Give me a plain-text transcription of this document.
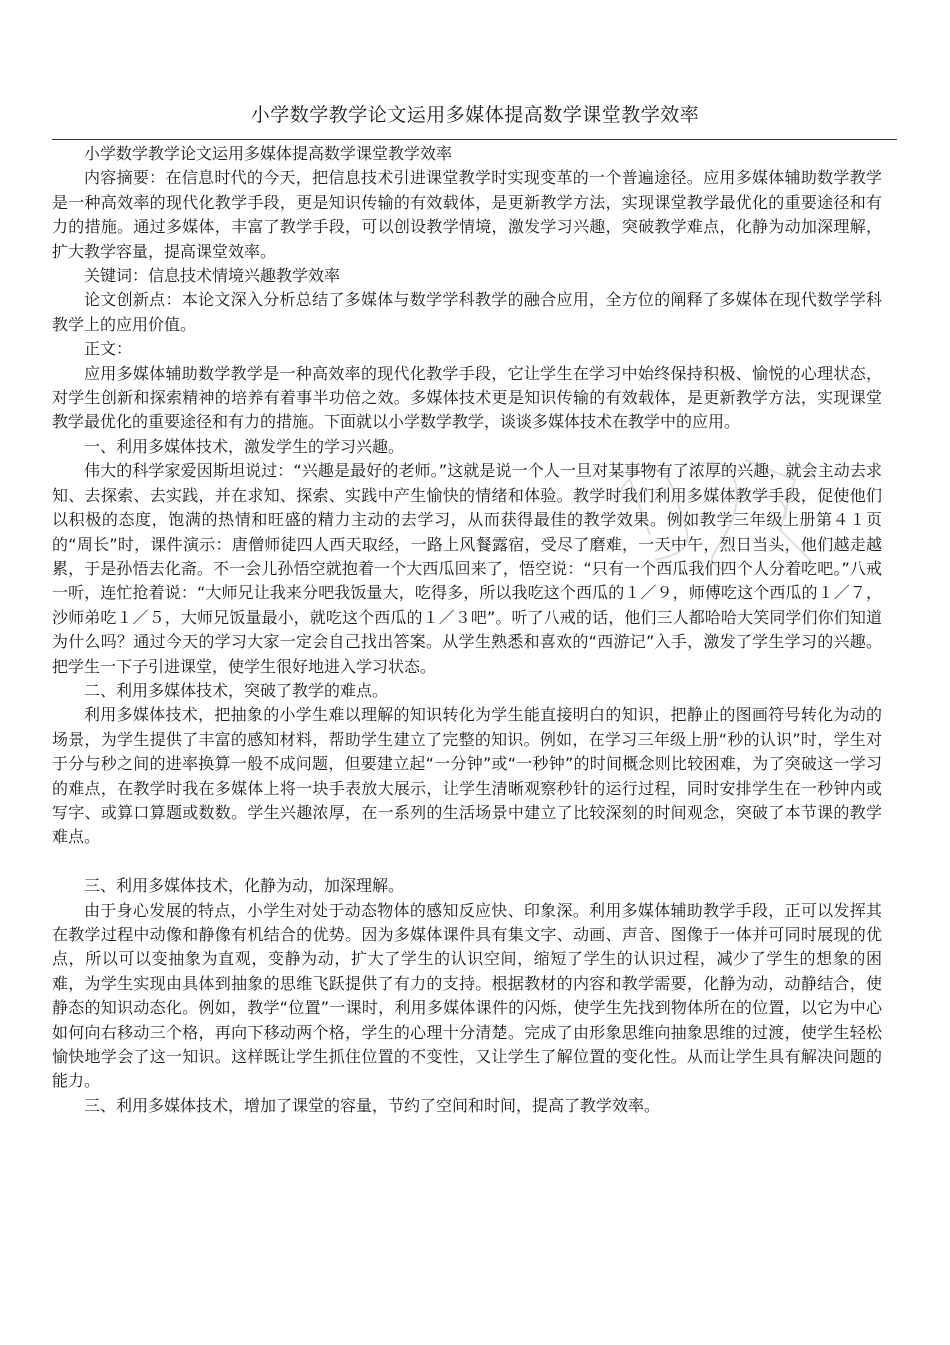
小学数学教学论文运用多媒体提高数学课堂教学效率

小学数学教学论文运用多媒体提高数学课堂教学效率

内容摘要：在信息时代的今天，把信息技术引进课堂教学时实现变革的一个普遍途径。应用多媒体辅助数学教学是一种高效率的现代化教学手段，更是知识传输的有效载体，是更新教学方法，实现课堂教学最优化的重要途径和有力的措施。通过多媒体，丰富了教学手段，可以创设教学情境，激发学习兴趣，突破教学难点，化静为动加深理解，扩大教学容量，提高课堂效率。

关键词：信息技术情境兴趣教学效率

论文创新点：本论文深入分析总结了多媒体与数学学科教学的融合应用，全方位的阐释了多媒体在现代数学学科教学上的应用价值。

正文：

应用多媒体辅助数学教学是一种高效率的现代化教学手段，它让学生在学习中始终保持积极、愉悦的心理状态，对学生创新和探索精神的培养有着事半功倍之效。多媒体技术更是知识传输的有效载体，是更新教学方法，实现课堂教学最优化的重要途径和有力的措施。下面就以小学数学教学，谈谈多媒体技术在教学中的应用。

一、利用多媒体技术，激发学生的学习兴趣。

伟大的科学家爱因斯坦说过：“兴趣是最好的老师。”这就是说一个人一旦对某事物有了浓厚的兴趣，就会主动去求知、去探索、去实践，并在求知、探索、实践中产生愉快的情绪和体验。教学时我们利用多媒体教学手段，促使他们以积极的态度，饱满的热情和旺盛的精力主动的去学习，从而获得最佳的教学效果。例如教学三年级上册第４１页的“周长”时，课件演示：唐僧师徒四人西天取经，一路上风餐露宿，受尽了磨难，一天中午，烈日当头，他们越走越累，于是孙悟去化斋。不一会儿孙悟空就抱着一个大西瓜回来了，悟空说：“只有一个西瓜我们四个人分着吃吧。”八戒一听，连忙抢着说：“大师兄让我来分吧我饭量大，吃得多，所以我吃这个西瓜的１／９，师傅吃这个西瓜的１／７，沙师弟吃１／５，大师兄饭量最小，就吃这个西瓜的１／３吧”。听了八戒的话，他们三人都哈哈大笑同学们你们知道为什么吗？通过今天的学习大家一定会自己找出答案。从学生熟悉和喜欢的“西游记”入手，激发了学生学习的兴趣。把学生一下子引进课堂，使学生很好地进入学习状态。

二、利用多媒体技术，突破了教学的难点。

利用多媒体技术，把抽象的小学生难以理解的知识转化为学生能直接明白的知识，把静止的图画符号转化为动的场景，为学生提供了丰富的感知材料，帮助学生建立了完整的知识。例如，在学习三年级上册“秒的认识”时，学生对于分与秒之间的进率换算一般不成问题，但要建立起“一分钟”或“一秒钟”的时间概念则比较困难，为了突破这一学习的难点，在教学时我在多媒体上将一块手表放大展示，让学生清晰观察秒针的运行过程，同时安排学生在一秒钟内或写字、或算口算题或数数。学生兴趣浓厚，在一系列的生活场景中建立了比较深刻的时间观念，突破了本节课的教学难点。

三、利用多媒体技术，化静为动，加深理解。

由于身心发展的特点，小学生对处于动态物体的感知反应快、印象深。利用多媒体辅助教学手段，正可以发挥其在教学过程中动像和静像有机结合的优势。因为多媒体课件具有集文字、动画、声音、图像于一体并可同时展现的优点，所以可以变抽象为直观，变静为动，扩大了学生的认识空间，缩短了学生的认识过程，减少了学生的想象的困难，为学生实现由具体到抽象的思维飞跃提供了有力的支持。根据教材的内容和教学需要，化静为动，动静结合，使静态的知识动态化。例如，教学“位置”一课时，利用多媒体课件的闪烁，使学生先找到物体所在的位置，以它为中心如何向右移动三个格，再向下移动两个格，学生的心理十分清楚。完成了由形象思维向抽象思维的过渡，使学生轻松愉快地学会了这一知识。这样既让学生抓住位置的不变性，又让学生了解位置的变化性。从而让学生具有解决问题的能力。

三、利用多媒体技术，增加了课堂的容量，节约了空间和时间，提高了教学效率。
